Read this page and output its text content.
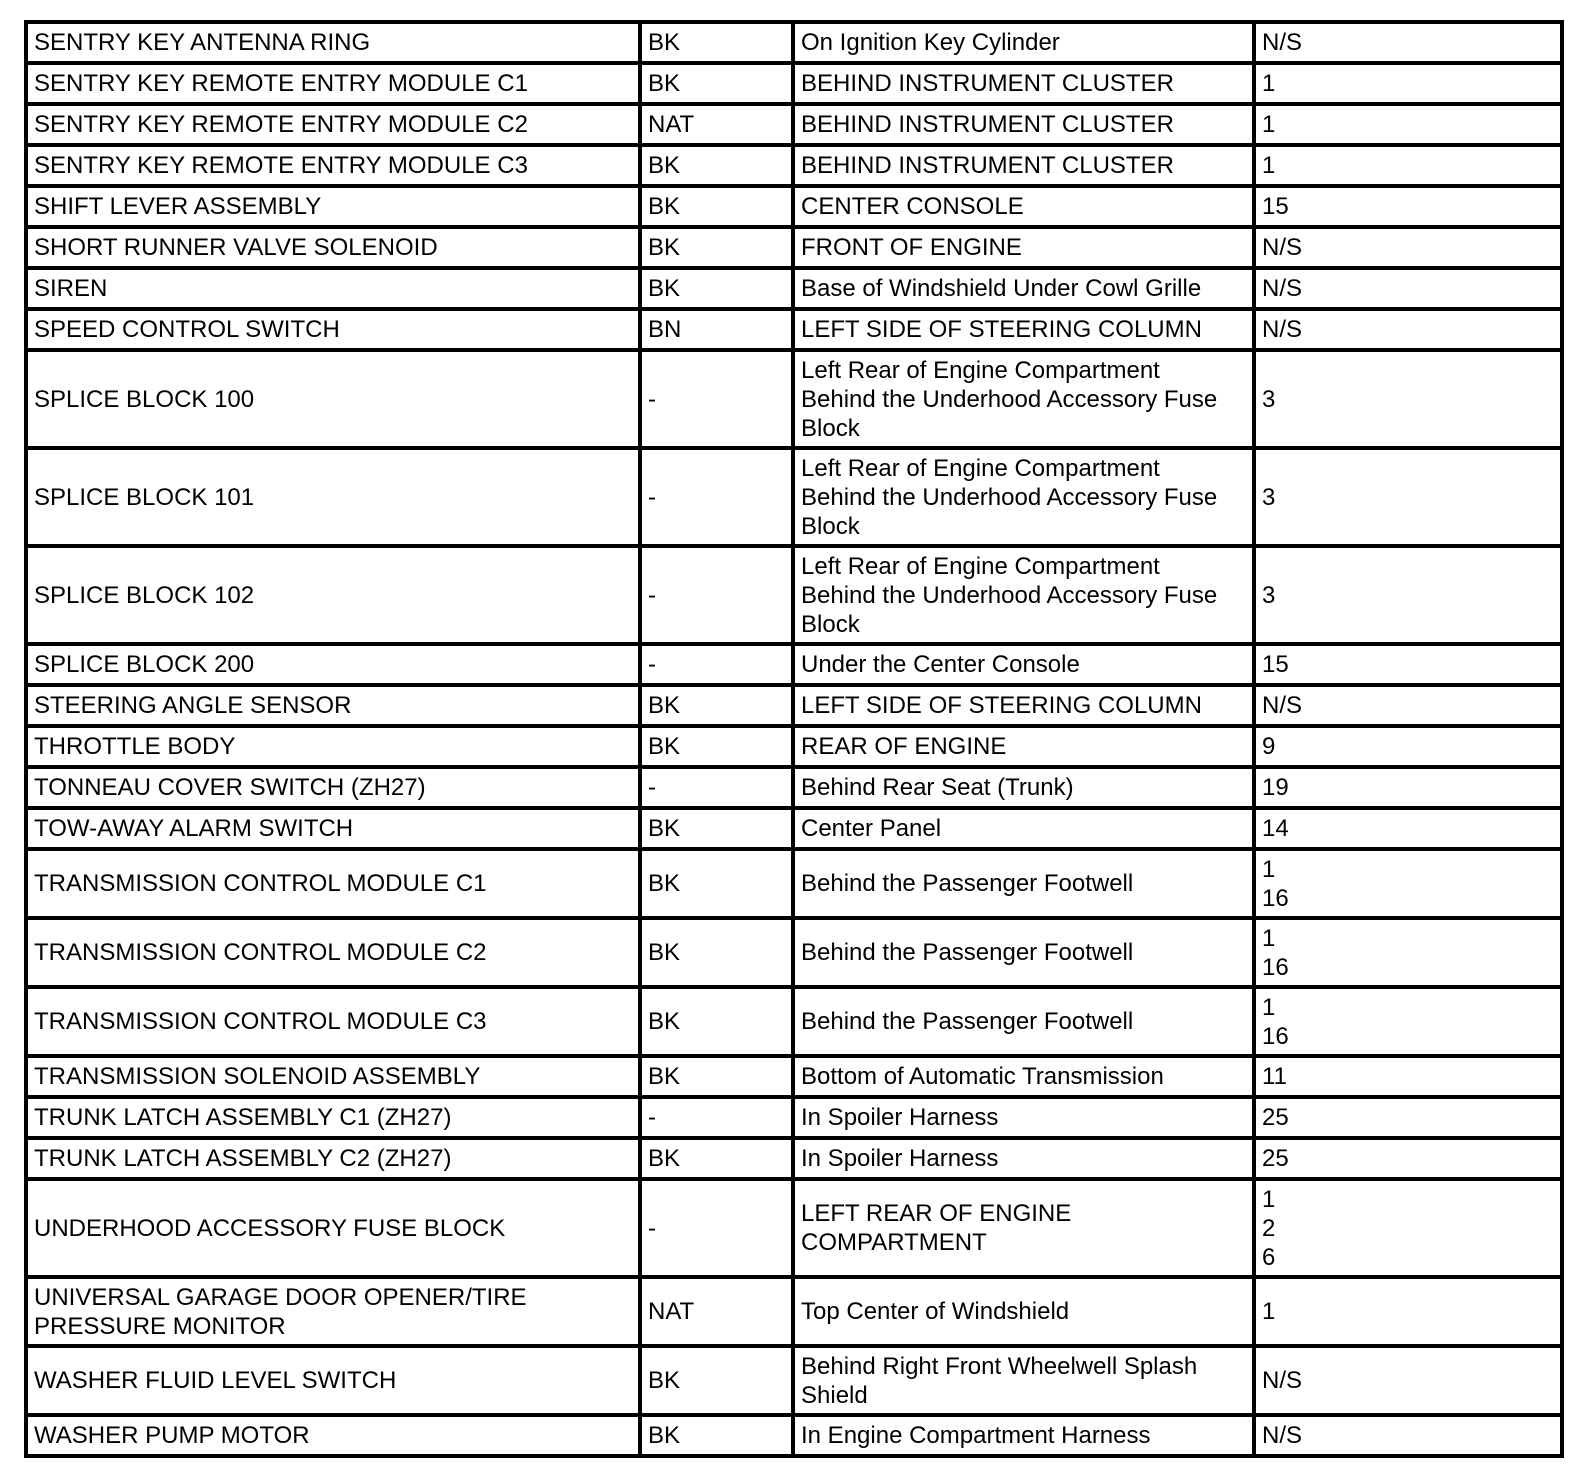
SENTRY KEY ANTENNA RING	BK	On Ignition Key Cylinder	N/S

SENTRY KEY REMOTE ENTRY MODULE C1	BK	BEHIND INSTRUMENT CLUSTER	1

SENTRY KEY REMOTE ENTRY MODULE C2	NAT	BEHIND INSTRUMENT CLUSTER	1

SENTRY KEY REMOTE ENTRY MODULE C3	BK	BEHIND INSTRUMENT CLUSTER	1

SHIFT LEVER ASSEMBLY	BK	CENTER CONSOLE	15

SHORT RUNNER VALVE SOLENOID	BK	FRONT OF ENGINE	N/S

SIREN	BK	Base of Windshield Under Cowl Grille	N/S

SPEED CONTROL SWITCH	BN	LEFT SIDE OF STEERING COLUMN	N/S

SPLICE BLOCK 100	-	Left Rear of Engine Compartment
Behind the Underhood Accessory Fuse
Block	3

SPLICE BLOCK 101	-	Left Rear of Engine Compartment
Behind the Underhood Accessory Fuse
Block	3

SPLICE BLOCK 102	-	Left Rear of Engine Compartment
Behind the Underhood Accessory Fuse
Block	3

SPLICE BLOCK 200	-	Under the Center Console	15

STEERING ANGLE SENSOR	BK	LEFT SIDE OF STEERING COLUMN	N/S

THROTTLE BODY	BK	REAR OF ENGINE	9

TONNEAU COVER SWITCH (ZH27)	-	Behind Rear Seat (Trunk)	19

TOW-AWAY ALARM SWITCH	BK	Center Panel	14

TRANSMISSION CONTROL MODULE C1	BK	Behind the Passenger Footwell	1
16

TRANSMISSION CONTROL MODULE C2	BK	Behind the Passenger Footwell	1
16

TRANSMISSION CONTROL MODULE C3	BK	Behind the Passenger Footwell	1
16

TRANSMISSION SOLENOID ASSEMBLY	BK	Bottom of Automatic Transmission	11

TRUNK LATCH ASSEMBLY C1 (ZH27)	-	In Spoiler Harness	25

TRUNK LATCH ASSEMBLY C2 (ZH27)	BK	In Spoiler Harness	25

UNDERHOOD ACCESSORY FUSE BLOCK	-	LEFT REAR OF ENGINE
COMPARTMENT	1
2
6

UNIVERSAL GARAGE DOOR OPENER/TIRE
PRESSURE MONITOR	NAT	Top Center of Windshield	1

WASHER FLUID LEVEL SWITCH	BK	Behind Right Front Wheelwell Splash
Shield	N/S

WASHER PUMP MOTOR	BK	In Engine Compartment Harness	N/S
